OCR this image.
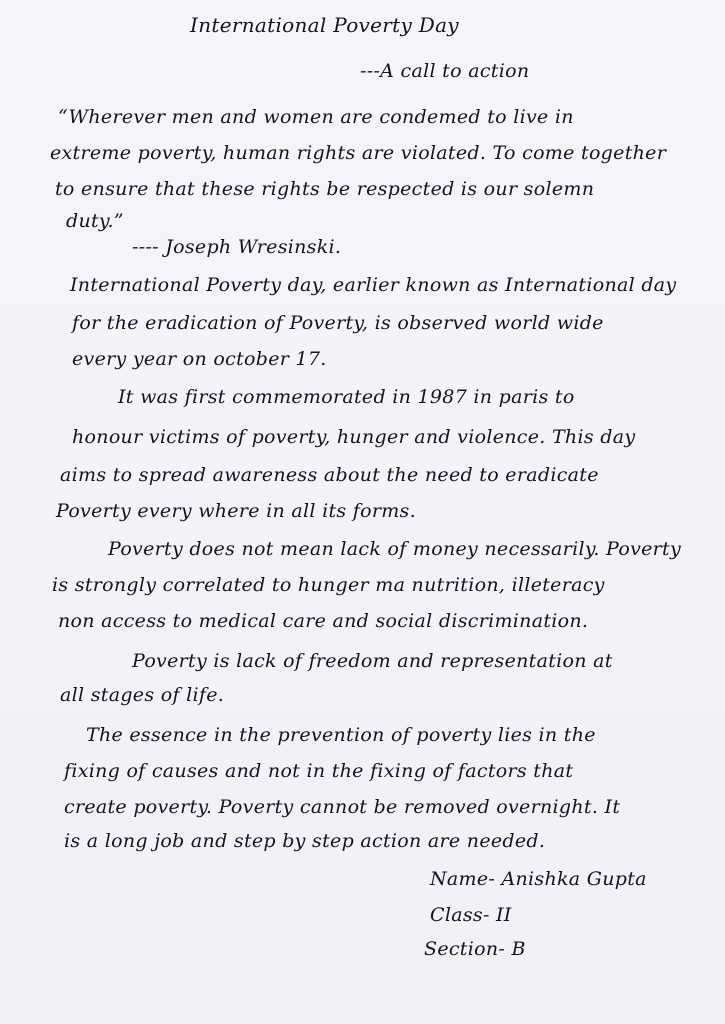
International Poverty Day
---A call to action
“Wherever men and women are condemed to live in
extreme poverty, human rights are violated. To come together
to ensure that these rights be respected is our solemn
duty.”
---- Joseph Wresinski.
International Poverty day, earlier known as International day
for the eradication of Poverty, is observed world wide
every year on october 17.
It was first commemorated in 1987 in paris to
honour victims of poverty, hunger and violence. This day
aims to spread awareness about the need to eradicate
Poverty every where in all its forms.
Poverty does not mean lack of money necessarily. Poverty
is strongly correlated to hunger ma nutrition, illeteracy
non access to medical care and social discrimination.
Poverty is lack of freedom and representation at
all stages of life.
The essence in the prevention of poverty lies in the
fixing of causes and not in the fixing of factors that
create poverty. Poverty cannot be removed overnight. It
is a long job and step by step action are needed.
Name- Anishka Gupta
Class- II
Section- B
